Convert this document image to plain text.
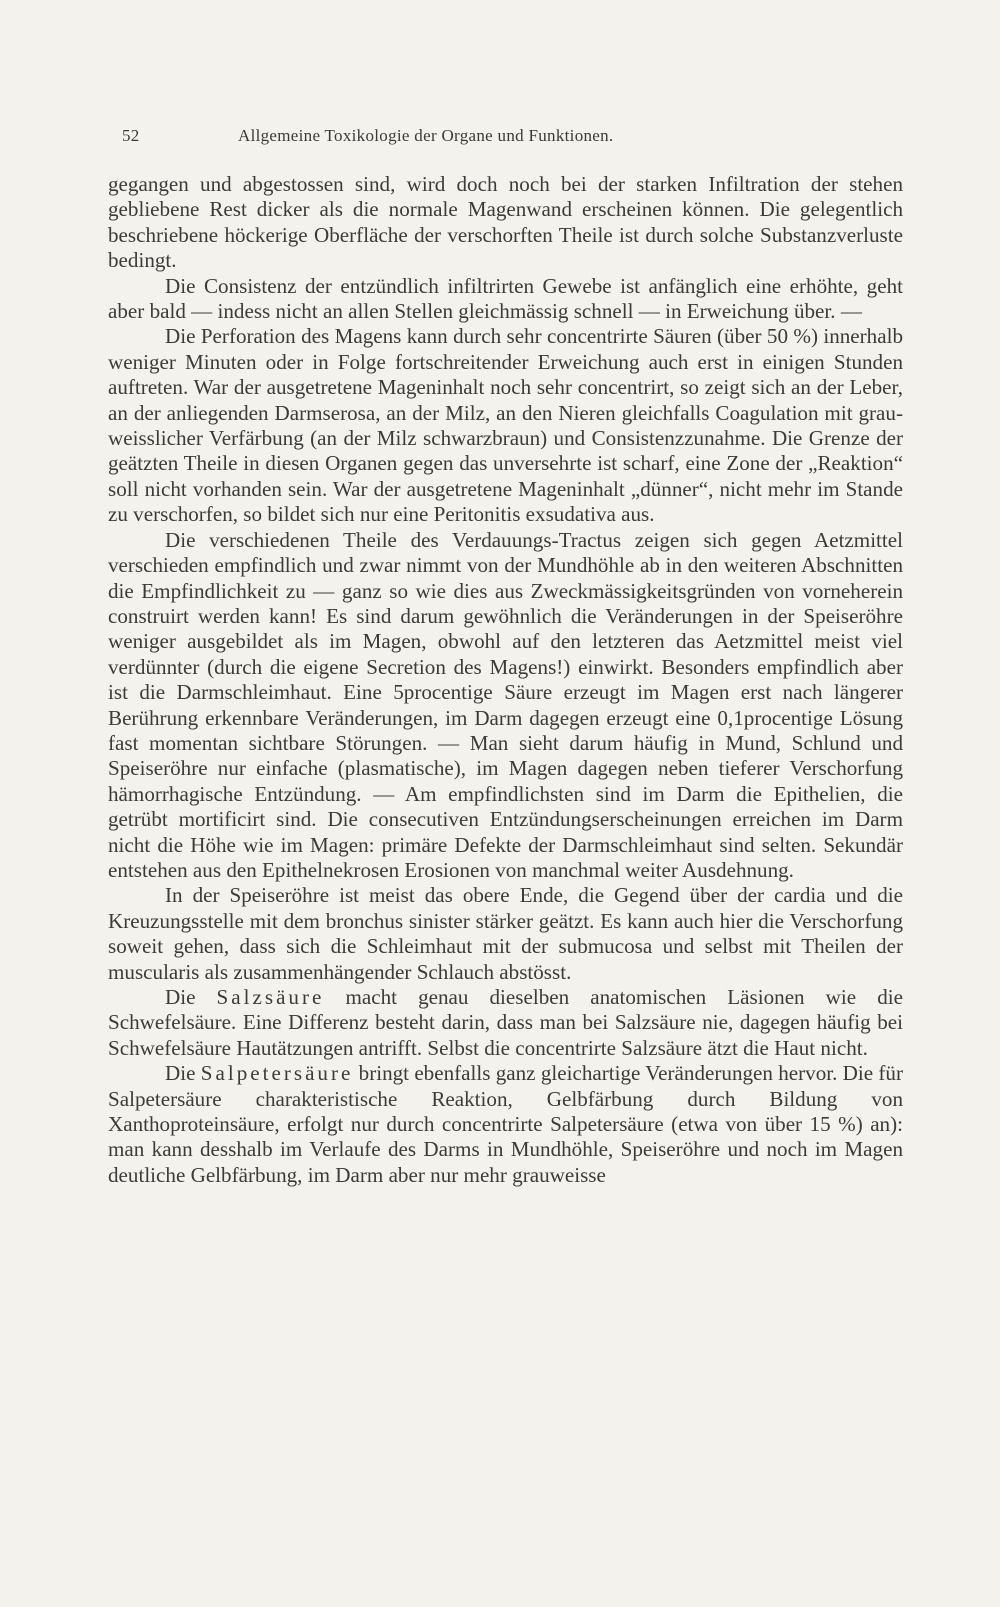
52	Allgemeine Toxikologie der Organe und Funktionen.

gegangen und abgestossen sind, wird doch noch bei der starken Infiltration der stehen gebliebene Rest dicker als die normale Magenwand erscheinen können. Die gelegentlich beschriebene höckerige Oberfläche der verschorften Theile ist durch solche Substanzverluste bedingt.

Die Consistenz der entzündlich infiltrirten Gewebe ist anfänglich eine erhöhte, geht aber bald — indess nicht an allen Stellen gleichmässig schnell — in Erweichung über. —

Die Perforation des Magens kann durch sehr concentrirte Säuren (über 50 %) innerhalb weniger Minuten oder in Folge fortschreitender Erweichung auch erst in einigen Stunden auftreten. War der ausgetretene Mageninhalt noch sehr concentrirt, so zeigt sich an der Leber, an der anliegenden Darmserosa, an der Milz, an den Nieren gleichfalls Coagulation mit grau-weisslicher Verfärbung (an der Milz schwarzbraun) und Consistenzzunahme. Die Grenze der geätzten Theile in diesen Organen gegen das unversehrte ist scharf, eine Zone der „Reaktion“ soll nicht vorhanden sein. War der ausgetretene Mageninhalt „dünner“, nicht mehr im Stande zu verschorfen, so bildet sich nur eine Peritonitis exsudativa aus.

Die verschiedenen Theile des Verdauungs-Tractus zeigen sich gegen Aetzmittel verschieden empfindlich und zwar nimmt von der Mundhöhle ab in den weiteren Abschnitten die Empfindlichkeit zu — ganz so wie dies aus Zweckmässigkeitsgründen von vorneherein construirt werden kann! Es sind darum gewöhnlich die Veränderungen in der Speiseröhre weniger ausgebildet als im Magen, obwohl auf den letzteren das Aetzmittel meist viel verdünnter (durch die eigene Secretion des Magens!) einwirkt. Besonders empfindlich aber ist die Darmschleimhaut. Eine 5procentige Säure erzeugt im Magen erst nach längerer Berührung erkennbare Veränderungen, im Darm dagegen erzeugt eine 0,1procentige Lösung fast momentan sichtbare Störungen. — Man sieht darum häufig in Mund, Schlund und Speiseröhre nur einfache (plasmatische), im Magen dagegen neben tieferer Verschorfung hämorrhagische Entzündung. — Am empfindlichsten sind im Darm die Epithelien, die getrübt mortificirt sind. Die consecutiven Entzündungserscheinungen erreichen im Darm nicht die Höhe wie im Magen: primäre Defekte der Darmschleimhaut sind selten. Sekundär entstehen aus den Epithelnekrosen Erosionen von manchmal weiter Ausdehnung.

In der Speiseröhre ist meist das obere Ende, die Gegend über der cardia und die Kreuzungsstelle mit dem bronchus sinister stärker geätzt. Es kann auch hier die Verschorfung soweit gehen, dass sich die Schleimhaut mit der submucosa und selbst mit Theilen der muscularis als zusammenhängender Schlauch abstösst.

Die Salzsäure macht genau dieselben anatomischen Läsionen wie die Schwefelsäure. Eine Differenz besteht darin, dass man bei Salzsäure nie, dagegen häufig bei Schwefelsäure Hautätzungen antrifft. Selbst die concentrirte Salzsäure ätzt die Haut nicht.

Die Salpetersäure bringt ebenfalls ganz gleichartige Veränderungen hervor. Die für Salpetersäure charakteristische Reaktion, Gelbfärbung durch Bildung von Xanthoproteinsäure, erfolgt nur durch concentrirte Salpetersäure (etwa von über 15 %) an): man kann desshalb im Verlaufe des Darms in Mundhöhle, Speiseröhre und noch im Magen deutliche Gelbfärbung, im Darm aber nur mehr grauweisse
